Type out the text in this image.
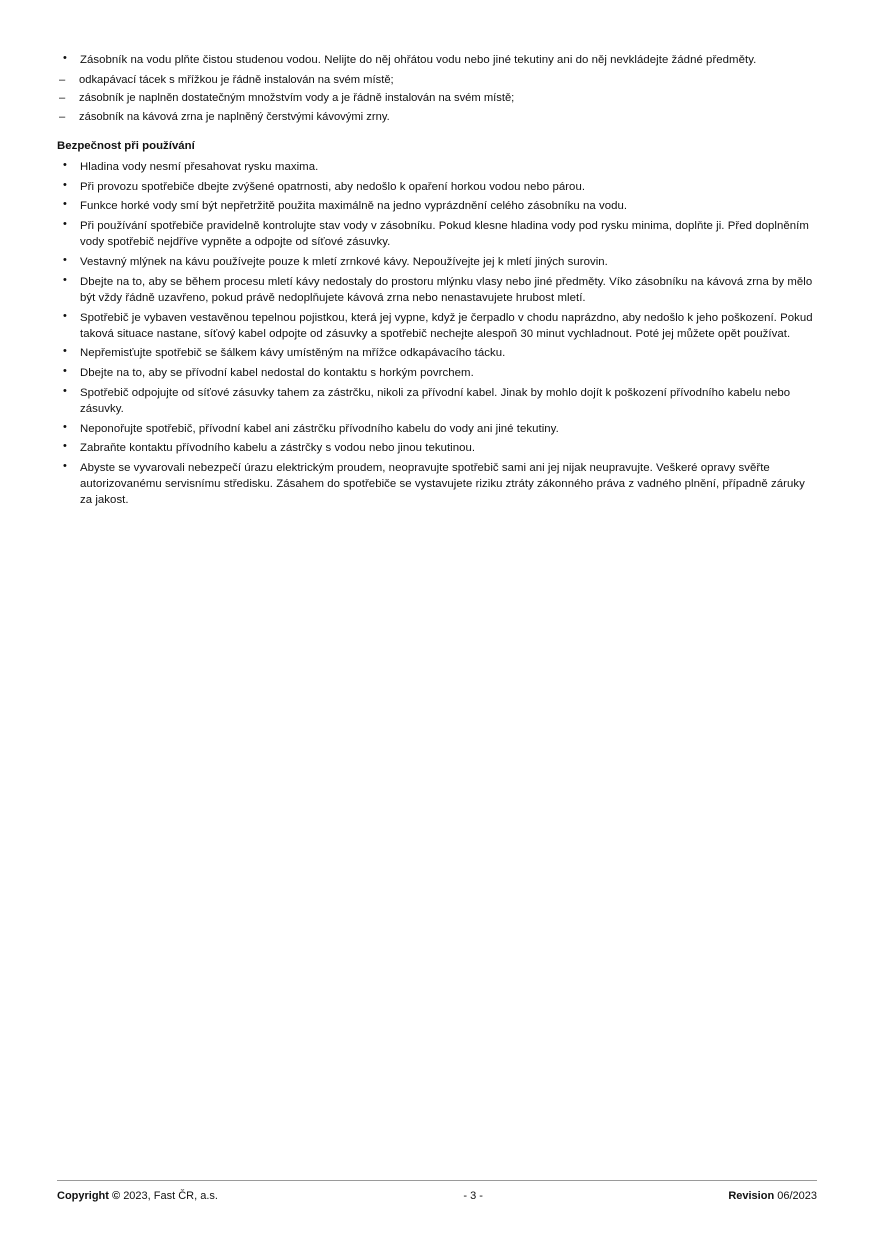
• Zásobník na vodu plňte čistou studenou vodou. Nelijte do něj ohřátou vodu nebo jiné tekutiny ani do něj nevkládejte žádné předměty.
– odkapávací tácek s mřížkou je řádně instalován na svém místě;
– zásobník je naplněn dostatečným množstvím vody a je řádně instalován na svém místě;
– zásobník na kávová zrna je naplněný čerstvými kávovými zrny.
Bezpečnost při používání
• Hladina vody nesmí přesahovat rysku maxima.
• Při provozu spotřebiče dbejte zvýšené opatrnosti, aby nedošlo k opaření horkou vodou nebo párou.
• Funkce horké vody smí být nepřetržitě použita maximálně na jedno vyprázdnění celého zásobníku na vodu.
• Při používání spotřebiče pravidelně kontrolujte stav vody v zásobníku. Pokud klesne hladina vody pod rysku minima, doplňte ji. Před doplněním vody spotřebič nejdříve vypněte a odpojte od síťové zásuvky.
• Vestavný mlýnek na kávu používejte pouze k mletí zrnkové kávy. Nepoužívejte jej k mletí jiných surovin.
• Dbejte na to, aby se během procesu mletí kávy nedostaly do prostoru mlýnku vlasy nebo jiné předměty. Víko zásobníku na kávová zrna by mělo být vždy řádně uzavřeno, pokud právě nedoplňujete kávová zrna nebo nenastavujete hrubost mletí.
• Spotřebič je vybaven vestavěnou tepelnou pojistkou, která jej vypne, když je čerpadlo v chodu naprázdno, aby nedošlo k jeho poškození. Pokud taková situace nastane, síťový kabel odpojte od zásuvky a spotřebič nechejte alespoň 30 minut vychladnout. Poté jej můžete opět používat.
• Nepřemisťujte spotřebič se šálkem kávy umístěným na mřížce odkapávacího tácku.
• Dbejte na to, aby se přívodní kabel nedostal do kontaktu s horkým povrchem.
• Spotřebič odpojujte od síťové zásuvky tahem za zástrčku, nikoli za přívodní kabel. Jinak by mohlo dojít k poškození přívodního kabelu nebo zásuvky.
• Neponořujte spotřebič, přívodní kabel ani zástrčku přívodního kabelu do vody ani jiné tekutiny.
• Zabraňte kontaktu přívodního kabelu a zástrčky s vodou nebo jinou tekutinou.
• Abyste se vyvarovali nebezpečí úrazu elektrickým proudem, neopravujte spotřebič sami ani jej nijak neupravujte. Veškeré opravy svěřte autorizovanému servisnímu středisku. Zásahem do spotřebiče se vystavujete riziku ztráty zákonného práva z vadného plnění, případně záruky za jakost.
Copyright © 2023, Fast ČR, a.s.	- 3 -	Revision 06/2023
